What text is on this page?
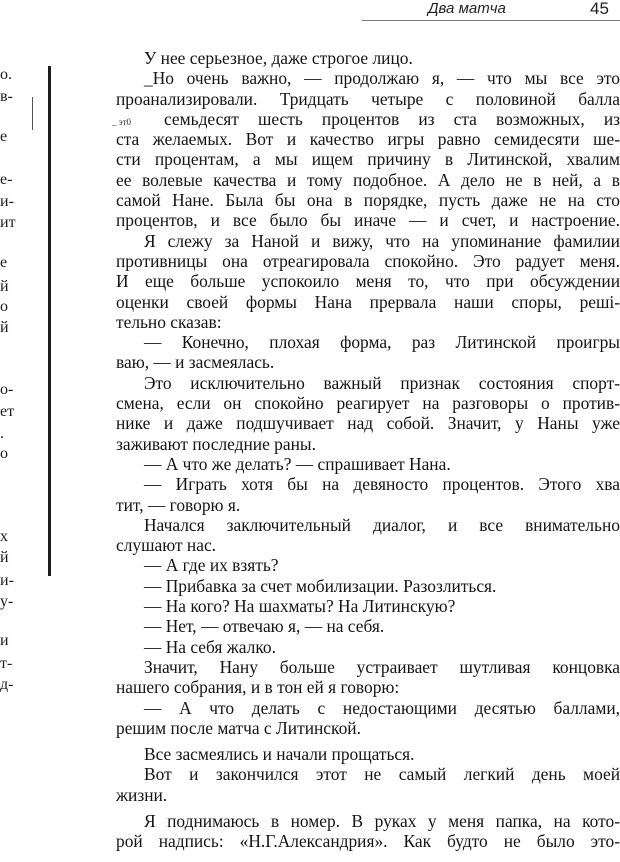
Два матча	45
о.
в-
е
е-
и-
ит
е
й
о
й
о-
ет
.
о
х
й
и-
у-
и
т-
д-
У нее серьезное, даже строгое лицо.
_Но очень важно, — продолжаю я, — что мы все это
проанализировали. Тридцать четыре с половиной балла
_ эт0 семьдесят шесть процентов из ста возможных, из
ста желаемых. Вот и качество игры равно семидесяти ше-
сти процентам, а мы ищем причину в Литинской, хвалим
ее волевые качества и тому подобное. А дело не в ней, а в
самой Нане. Была бы она в порядке, пусть даже не на сто
процентов, и все было бы иначе — и счет, и настроение.
Я слежу за Наной и вижу, что на упоминание фамилии
противницы она отреагировала спокойно. Это радует меня.
И еще больше успокоило меня то, что при обсуждении
оценки своей формы Нана прервала наши споры, решi-
тельно сказав:
— Конечно, плохая форма, раз Литинской проигры
ваю, — и засмеялась.
Это исключительно важный признак состояния спорт-
смена, если он спокойно реагирует на разговоры о против-
нике и даже подшучивает над собой. Значит, у Наны уже
заживают последние раны.
— А что же делать? — спрашивает Нана.
— Играть хотя бы на девяносто процентов. Этого хва
тит, — говорю я.
Начался заключительный диалог, и все внимательно
слушают нас.
— А где их взять?
— Прибавка за счет мобилизации. Разозлиться.
— На кого? На шахматы? На Литинскую?
— Нет, — отвечаю я, — на себя.
— На себя жалко.
Значит, Нану больше устраивает шутливая концовка
нашего собрания, и в тон ей я говорю:
— А что делать с недостающими десятью баллами,
решим после матча с Литинской.
Все засмеялись и начали прощаться.
Вот и закончился этот не самый легкий день моей
жизни.
Я поднимаюсь в номер. В руках у меня папка, на кото-
рой надпись: «Н.Г.Александрия». Как будто не было это-
